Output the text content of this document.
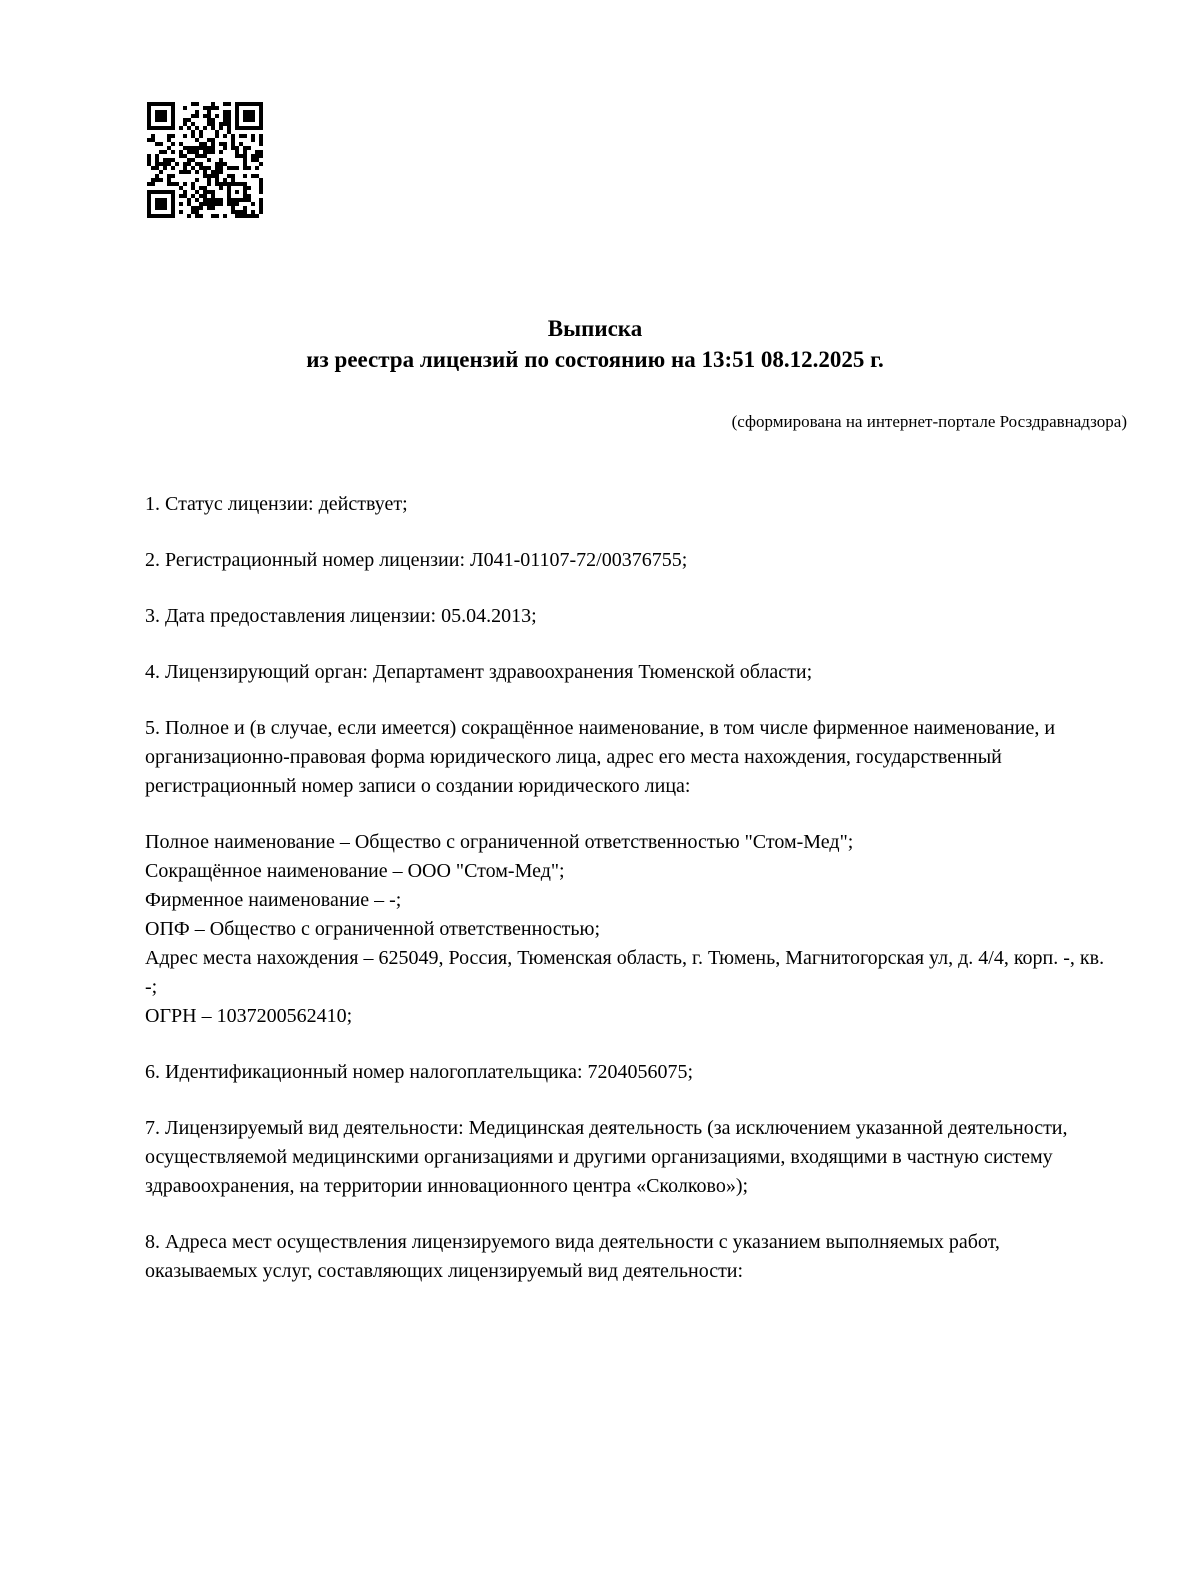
Выписка
из реестра лицензий по состоянию на 13:51 08.12.2025 г.
(сформирована на интернет-портале Росздравнадзора)

1. Статус лицензии: действует;

2. Регистрационный номер лицензии: Л041-01107-72/00376755;

3. Дата предоставления лицензии: 05.04.2013;

4. Лицензирующий орган: Департамент здравоохранения Тюменской области;

5. Полное и (в случае, если имеется) сокращённое наименование, в том числе фирменное наименование, и организационно-правовая форма юридического лица, адрес его места нахождения, государственный регистрационный номер записи о создании юридического лица:

Полное наименование – Общество с ограниченной ответственностью "Стом-Мед";
Сокращённое наименование – ООО "Стом-Мед";
Фирменное наименование – -;
ОПФ – Общество с ограниченной ответственностью;
Адрес места нахождения – 625049, Россия, Тюменская область, г. Тюмень, Магнитогорская ул, д. 4/4, корп. -, кв. -;
ОГРН – 1037200562410;

6. Идентификационный номер налогоплательщика: 7204056075;

7. Лицензируемый вид деятельности: Медицинская деятельность (за исключением указанной деятельности, осуществляемой медицинскими организациями и другими организациями, входящими в частную систему здравоохранения, на территории инновационного центра «Сколково»);

8. Адреса мест осуществления лицензируемого вида деятельности с указанием выполняемых работ, оказываемых услуг, составляющих лицензируемый вид деятельности:
